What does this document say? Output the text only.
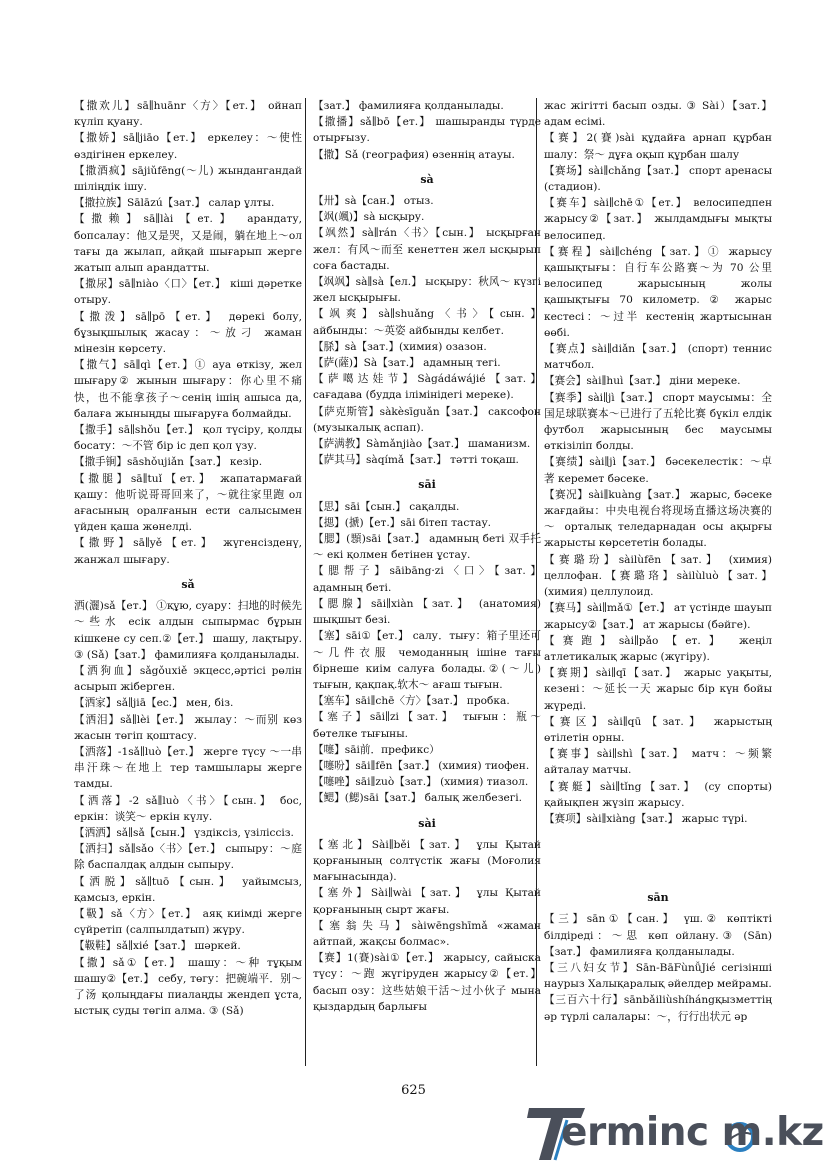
【撒欢儿】sā∥huānr〈方〉【ет.】 ойнап күліп қуану.

【撒娇】sā∥jiāo【ет.】 еркелеу：～使性 өздігінен еркелеу.

【撒酒疯】sājiǔfēng(～儿) жындангандай шіліңдік ішу.

【撒拉族】Sālāzú【зат.】 салар ұлты.

【撒赖】sā∥lài【ет.】 арандату, бопсалау：他又是哭，又是闹，躺在地上～ол тағы да жылап, айқай шығарып жерге жатып алып арандатты.

【撒尿】sā∥niào〈口〉【ет.】 кіші дәретке отыру.

【撒泼】sā∥pō【ет.】 дөрекі болу, бұзықшылық жасау：～放刁 жаман мінезін көрсету.

【撒气】sā∥qì【ет.】① ауа өткізу, жел шығару② жынын шығару：你心里不痛快，也不能拿孩子～сенің ішің ашыса да, балаға жыныңды шығаруға болмайды.

【撒手】sā∥shǒu【ет.】 қол түсіру, қолды босату：～不管 бір іс деп қол үзу.

【撒手锏】sāshǒujiǎn【зат.】 кезір.

【撒腿】sā∥tuǐ【ет.】 жапатармағай қашу：他听说哥哥回来了，～就往家里跑 ол ағасының оралғанын ести салысымен үйден қаша жөнелді.

【撒野】sā∥yě【ет.】 жүгенсізденү, жанжал шығару.

sǎ

洒(灑)sǎ【ет.】 ①құю, суару：扫地的时候先～些水 есік алдын сыпырмас бұрын кішкене су сеп.②【ет.】 шашу, лақтыру. ③ (Sǎ)【зат.】 фамилияға қолданылады.

【洒狗血】sǎgǒuxiě экцесс,әртісі рөлін асырып жіберген.

【洒家】sǎ∥jiā【ес.】 мен, біз.

【洒泪】sǎ∥lèi【ет.】 жылау：～而别 көз жасын төгіп қоштасу.

【洒落】-1sǎ∥luò【ет.】 жерге түсу ～一串串汗珠～在地上 тер тамшылары жерге тамды.

【洒落】-2 sǎ∥luò〈书〉【сын.】 бос, еркін：谈笑～ еркін күлу.

【洒洒】sǎ∥sǎ【сын.】 үздіксіз, үзіліссіз.

【洒扫】sǎ∥sǎo〈书〉【ет.】 сыпыру：～庭除 баспалдақ алдын сыпыру.

【洒脱】sǎ∥tuō【сын.】 уайымсыз, қамсыз, еркін.

【靸】sǎ〈方〉【ет.】 аяқ киімді жерге сүйретіп (салпылдатып) жүру.

【靸鞋】sǎ∥xié【зат.】 шәркей.

【撒】sǎ①【ет.】 шашу：～种 тұқым шашу②【ет.】 себу, төгу：把碗端平．别～了汤 қолыңдағы пиалаңды жендеп ұста, ыстық суды төгіп алма. ③ (Sǎ)

【зат.】 фамилияға қолданылады.

【撒播】sǎ∥bō【ет.】 шашыранды түрде отырғызу.

【撒】Sǎ (география) өзеннің атауы.

sà

【卅】sà【сан.】 отыз.

【飒(颯)】sà ысқыру.

【飒然】sà∥rán〈书〉【сын.】 ысқырған жел：有风～而至 кенеттен жел ысқырып соға бастады.

【飒飒】sà∥sà【ел.】 ысқыру：秋风～ күзгі жел ысқырығы.

【飒爽】sà∥shuǎng〈书〉【сын.】 айбынды：～英姿 айбынды келбет.

【脎】sà【зат.】(химия) озазон.

【萨(薩)】Sà【зат.】 адамның тегі.

【萨噶达娃节】Sàgádáwájié【зат.】 сағадава (будда ілімінідегі мереке).

【萨克斯管】sàkèsīguǎn【зат.】 саксофон (музыкалық аспап).

【萨满教】Sàmǎnjiào【зат.】 шаманизм.

【萨其马】sàqímǎ【зат.】 тәтті тоқаш.

sāi

【思】sāi【сын.】 сақалды.

【揌】(搋)【ет.】sāi бітеп тастау.

【腮】(顋)sāi【зат.】 адамның беті 双手托～ екі қолмен бетінен ұстау.

【腮帮子】sāibāng·zi〈口〉【зат.】 адамның беті.

【腮腺】sāi∥xiàn【зат.】 (анатомия) шықшыт безі.

【塞】sāi①【ет.】 салу．тығу：箱子里还可～几件衣服 чемоданның ішіне тағы бірнеше киім салуға болады.②(～儿) тығын, қақпақ.软木～ ағаш тығын.

【塞车】sāi∥chē〈方〉【зат.】 пробка.

【塞子】sāi∥zi【зат.】 тығын：瓶～ бөтелке тығыны.

【噻】sāi前．префикс）

【噻吩】sāi∥fēn【зат.】 (химия) тиофен.

【噻唑】sāi∥zuò【зат.】 (химия) тиазол.

【鳃】(鰓)sāi【зат.】 балық желбезегі.

sài

【塞北】Sài∥běi【зат.】 ұлы Қытай қорғанының солтүстік жағы (Моғолия мағынасында).

【塞外】Sài∥wài【зат.】 ұлы Қытай қорғанының сырт жағы.

【塞翁失马】sàiwēngshīmǎ «жаман айтпай, жақсы болмас».

【赛】1(賽)sài①【ет.】 жарысу, сайыска түсу：～跑 жүгіруден жарысу②【ет.】 басып озу：这些姑娘干活～过小伙子 мына қыздардың барлығы

жас жігітті басып озды. ③ Sài）【зат.】 адам есімі.

【赛】2(賽)sài құдайға арнап құрбан шалу：祭～ дұға оқып құрбан шалу

【赛场】sài∥chǎng【зат.】 спорт аренасы (стадион).

【赛车】sài∥chē①【ет.】 велосипедпен жарысу②【зат.】 жылдамдығы мықты велосипед.

【赛程】sài∥chéng【зат.】① жарысу қашықтығы：自行车公路赛～为 70 公里 велосипед жарысының жолы қашықтығы 70 километр. ② жарыс кестесі：～过半 кестенің жартысынан өөбі.

【赛点】sài∥diǎn【зат.】 (спорт) теннис матчбол.

【赛会】sài∥huì【зат.】 діни мереке.

【赛季】sài∥jì【зат.】 спорт маусымы：全国足球联赛本～已进行了五轮比赛 бүкіл елдік футбол жарысының бес маусымы өткізіліп болды.

【赛绩】sài∥jì【зат.】 бәсекелестік：～卓著 керемет бәсеке.

【赛况】sài∥kuàng【зат.】 жарыс, бәсеке жағдайы：中央电视台将现场直播这场决赛的～ орталық теледарнадан осы ақырғы жарысты көрсететін болады.

【赛璐玢】sàilùfēn【зат.】 (химия) целлофан.【赛璐珞】sàilùluò【зат.】 (химия) целлулоид.

【赛马】sài∥mǎ①【ет.】 ат үстінде шауып жарысу②【зат.】 ат жарысы (бәйге).

【赛跑】sài∥pǎo【ет.】 жеңіл атлетикалық жарыс (жүгіру).

【赛期】sài∥qī【зат.】 жарыс уақыты, кезені：～延长一天 жарыс бір күн бойы жүреді.

【赛区】sài∥qū【зат.】 жарыстың өтілетін орны.

【赛事】sài∥shì【зат.】 матч：～频繁 айталау матчы.

【赛艇】sài∥tǐng【зат.】 (су спорты) қайықпен жүзіп жарысу.

【赛项】sài∥xiàng【зат.】 жарыс түрі.

sān

【三】sān①【сан.】 үш.② көптікті білдіреді：～思 көп ойлану.③ (Sān)【зат.】 фамилияға қолданылады.

【三八妇女节】Sān-BāFùnǚJié сегізінші наурыз Халықаралық әйелдер мейрамы.

【三百六十行】sānbǎiliùshíhángқызметтің әр түрлі салалары：～，行行出状元 әр

625
erminc m.kz
